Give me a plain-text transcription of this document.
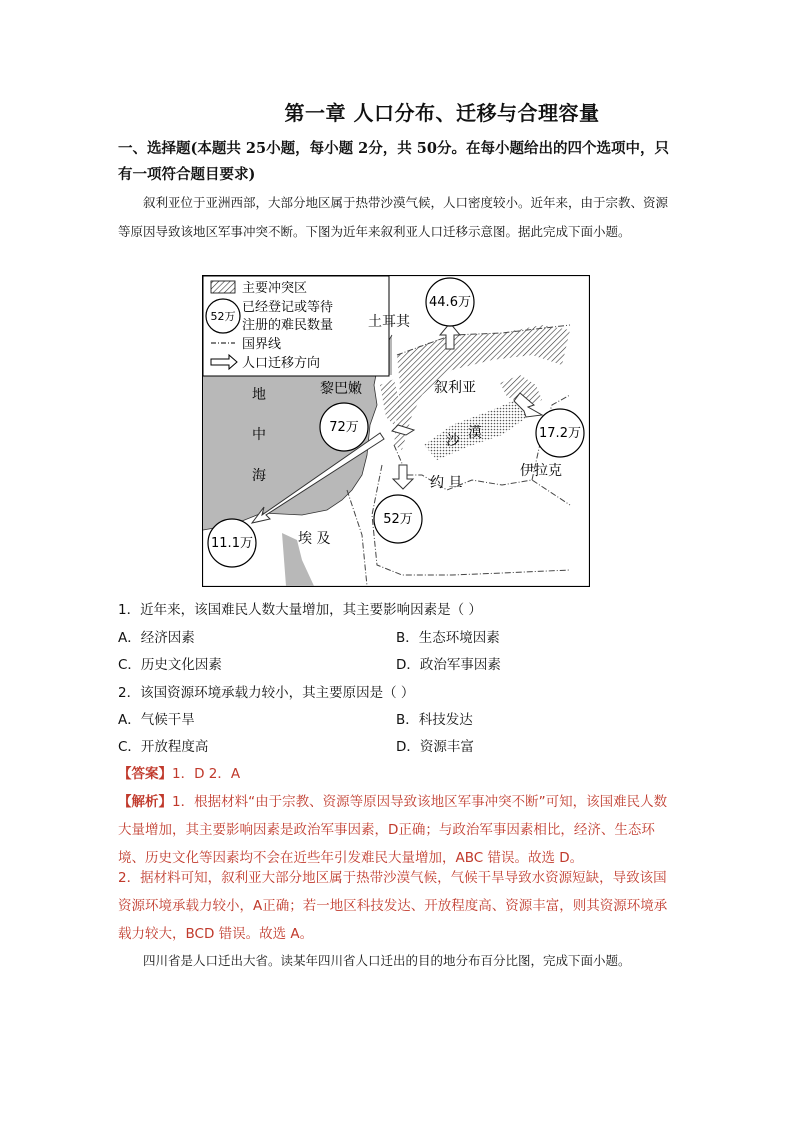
第一章 人口分布、迁移与合理容量
一、选择题(本题共 25小题，每小题 2分，共 50分。在每小题给出的四个选项中，只有一项符合题目要求)
叙利亚位于亚洲西部，大部分地区属于热带沙漠气候，人口密度较小。近年来，由于宗教、资源等原因导致该地区军事冲突不断。下图为近年来叙利亚人口迁移示意图。据此完成下面小题。
主要冲突区
52万
已经登记或等待
注册的难民数量
国界线
人口迁移方向
44.6万
72万	17.2万
52万
11.1万
土耳其
叙利亚
黎巴嫩
地
中
海
沙 漠
约 旦
伊拉克
埃 及
1．近年来，该国难民人数大量增加，其主要影响因素是（ ）
A．经济因素	B．生态环境因素
C．历史文化因素	D．政治军事因素
2．该国资源环境承载力较小，其主要原因是（ ）
A．气候干旱	B．科技发达
C．开放程度高	D．资源丰富
【答案】1．D 2．A
【解析】1．根据材料“由于宗教、资源等原因导致该地区军事冲突不断”可知，该国难民人数大量增加，其主要影响因素是政治军事因素，D正确；与政治军事因素相比，经济、生态环境、历史文化等因素均不会在近些年引发难民大量增加，ABC 错误。故选 D。
2．据材料可知，叙利亚大部分地区属于热带沙漠气候，气候干旱导致水资源短缺，导致该国资源环境承载力较小，A正确；若一地区科技发达、开放程度高、资源丰富，则其资源环境承载力较大，BCD 错误。故选 A。
四川省是人口迁出大省。读某年四川省人口迁出的目的地分布百分比图，完成下面小题。
